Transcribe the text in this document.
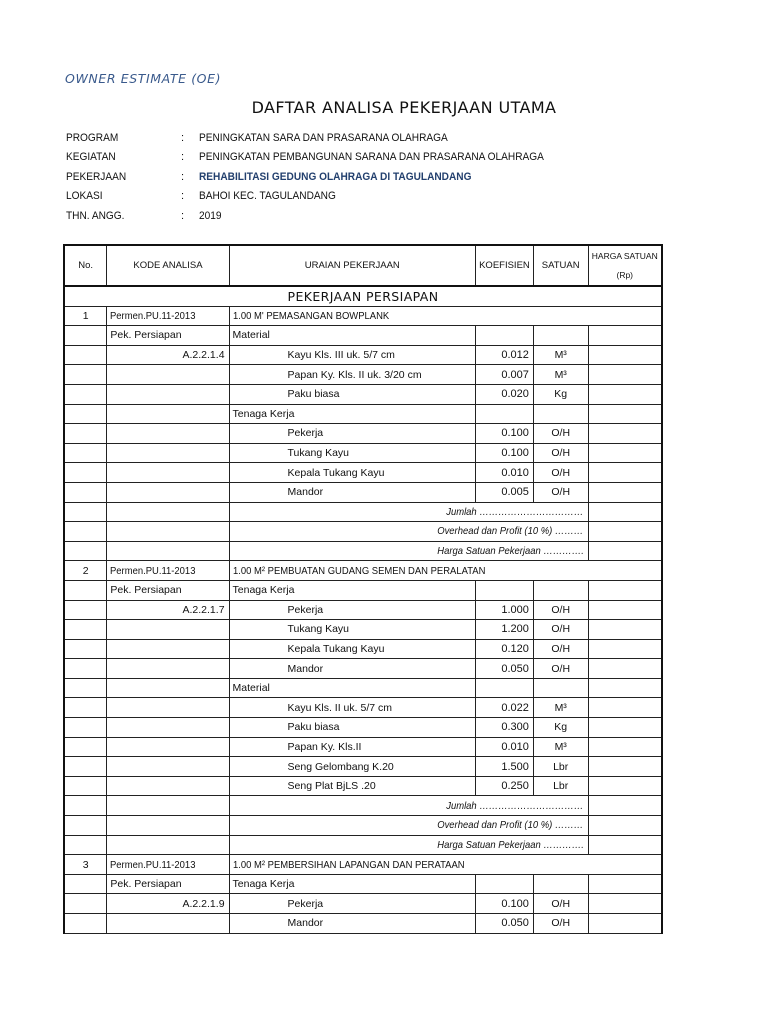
OWNER ESTIMATE (OE)
DAFTAR ANALISA PEKERJAAN UTAMA
PROGRAM	:	PENINGKATAN SARA DAN PRASARANA OLAHRAGA
KEGIATAN	:	PENINGKATAN PEMBANGUNAN SARANA DAN PRASARANA OLAHRAGA
PEKERJAAN	:	REHABILITASI GEDUNG OLAHRAGA DI TAGULANDANG
LOKASI	:	BAHOI KEC. TAGULANDANG
THN. ANGG.	:	2019
No.	KODE ANALISA	URAIAN PEKERJAAN	KOEFISIEN	SATUAN	HARGA SATUAN
(Rp)
PEKERJAAN PERSIAPAN					
1	Permen.PU.11-2013	1.00 M' PEMASANGAN BOWPLANK			
	Pek. Persiapan	Material			
	A.2.2.1.4	Kayu Kls. III uk. 5/7 cm	0.012	M³	
		Papan Ky. Kls. II uk. 3/20 cm	0.007	M³	
		Paku biasa	0.020	Kg	
		Tenaga Kerja			
		Pekerja	0.100	O/H	
		Tukang Kayu	0.100	O/H	
		Kepala Tukang Kayu	0.010	O/H	
		Mandor	0.005	O/H	
		Jumlah ……………………………			
		Overhead dan Profit (10 %) ………			
		Harga Satuan Pekerjaan ………….			
2	Permen.PU.11-2013	1.00 M² PEMBUATAN GUDANG SEMEN DAN PERALATAN			
	Pek. Persiapan	Tenaga Kerja			
	A.2.2.1.7	Pekerja	1.000	O/H	
		Tukang Kayu	1.200	O/H	
		Kepala Tukang Kayu	0.120	O/H	
		Mandor	0.050	O/H	
		Material			
		Kayu Kls. II uk. 5/7 cm	0.022	M³	
		Paku biasa	0.300	Kg	
		Papan Ky. Kls.II	0.010	M³	
		Seng Gelombang K.20	1.500	Lbr	
		Seng Plat BjLS .20	0.250	Lbr	
		Jumlah ……………………………			
		Overhead dan Profit (10 %) ………			
		Harga Satuan Pekerjaan ………….			
3	Permen.PU.11-2013	1.00 M² PEMBERSIHAN LAPANGAN DAN PERATAAN			
	Pek. Persiapan	Tenaga Kerja			
	A.2.2.1.9	Pekerja	0.100	O/H	
		Mandor	0.050	O/H	
